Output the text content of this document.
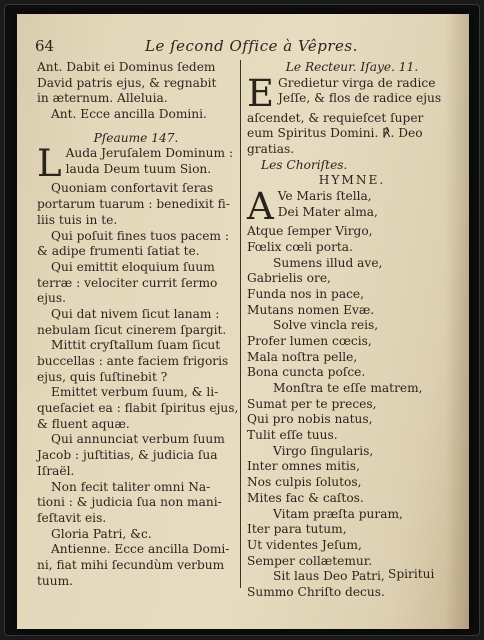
64	Le ſecond Office à Vêpres.
Ant. Dabit ei Dominus ſedem
David patris ejus, & regnabit
in æternum. Alleluia.
Ant. Ecce ancilla Domini.
Pſeaume 147.
L Auda Jeruſalem Dominum :
lauda Deum tuum Sion.
Quoniam confortavit ſeras
portarum tuarum : benedixit fi-
liis tuis in te.
Qui poſuit fines tuos pacem :
& adipe frumenti ſatiat te.
Qui emittit eloquium ſuum
terræ : velociter currit ſermo
ejus.
Qui dat nivem ſicut lanam :
nebulam ſicut cinerem ſpargit.
Mittit cryſtallum ſuam ſicut
buccellas : ante faciem frigoris
ejus, quis ſuſtinebit ?
Emittet verbum ſuum, & li-
queſaciet ea : flabit ſpiritus ejus,
& fluent aquæ.
Qui annunciat verbum ſuum
Jacob : juſtitias, & judicia ſua
Iſraël.
Non fecit taliter omni Na-
tioni : & judicia ſua non mani-
feſtavit eis.
Gloria Patri, &c.
Antienne. Ecce ancilla Domi-
ni, fiat mihi ſecundùm verbum
tuum.
Le Recteur. Iſaye. 11.
E Gredietur virga de radice
Jeſſe, & flos de radice ejus
aſcendet, & requieſcet ſuper
eum Spiritus Domini. ℟. Deo
gratias.
Les Choriſtes.
HYMNE.
A Ve Maris ſtella,
Dei Mater alma,
Atque ſemper Virgo,
Fœlix cœli porta.
Sumens illud ave,
Gabrielis ore,
Funda nos in pace,
Mutans nomen Evæ.
Solve vincla reis,
Profer lumen cœcis,
Mala noſtra pelle,
Bona cuncta poſce.
Monſtra te eſſe matrem,
Sumat per te preces,
Qui pro nobis natus,
Tulit eſſe tuus.
Virgo ſingularis,
Inter omnes mitis,
Nos culpis ſolutos,
Mites fac & caſtos.
Vitam præſta puram,
Iter para tutum,
Ut videntes Jeſum,
Semper collætemur.
Sit laus Deo Patri,
Summo Chriſto decus.
Spiritui
